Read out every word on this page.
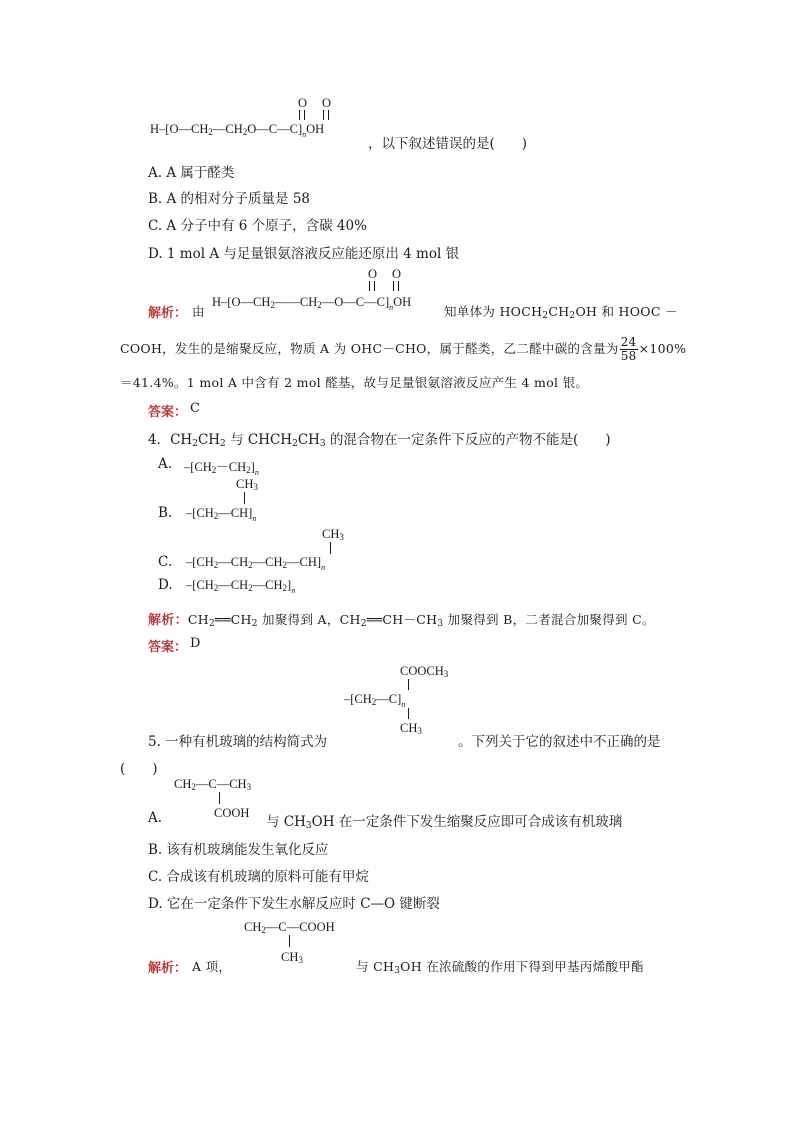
O O
$H-[O—CH_2—CH_2O—C—C]_nOH$
，以下叙述错误的是(　　)
A. A 属于醛类
B. A 的相对分子质量是 58
C. A 分子中有 6 个原子，含碳 40%
D. 1 mol A 与足量银氨溶液反应能还原出 4 mol 银
解析： 由
O O
$H-[O—CH_2——CH_2—O—C—C]_nOH$
知单体为 $HOCH_2CH_2OH$ 和 HOOC －
COOH，发生的是缩聚反应，物质 A 为 OHC－CHO，属于醛类，乙二醛中碳的含量为 $\frac{24}{58} \times 100\%$
＝41.4%。1 mol A 中含有 2 mol 醛基，故与足量银氨溶液反应产生 4 mol 银。
答案： C
4．$CH_2CH_2$ 与 $CHCH_2CH_3$ 的混合物在一定条件下反应的产物不能是(　　)
A. $-[CH_2-CH_2]_n$
$CH_3$
B. $-[CH_2—CH]_n$
$CH_3$
C. $-[CH_2—CH_2—CH_2—CH]_n$
D. $-[CH_2—CH_2—CH_2]_n$
解析：$CH_2══CH_2$ 加聚得到 A，$CH_2══CH-CH_3$ 加聚得到 B，二者混合加聚得到 C。
答案： D
$COOCH_3$
$-[CH_2—C]_n$
$CH_3$
5. 一种有机玻璃的结构简式为	。下列关于它的叙述中不正确的是
(　　)
$CH_2—C—CH_3$
COOH
A.	与 $CH_3OH$ 在一定条件下发生缩聚反应即可合成该有机玻璃
B. 该有机玻璃能发生氧化反应
C. 合成该有机玻璃的原料可能有甲烷
D. 它在一定条件下发生水解反应时 C—O 键断裂
$CH_2—C—COOH$
$CH_3$
解析： A 项，	与 $CH_3OH$ 在浓硫酸的作用下得到甲基丙烯酸甲酯
